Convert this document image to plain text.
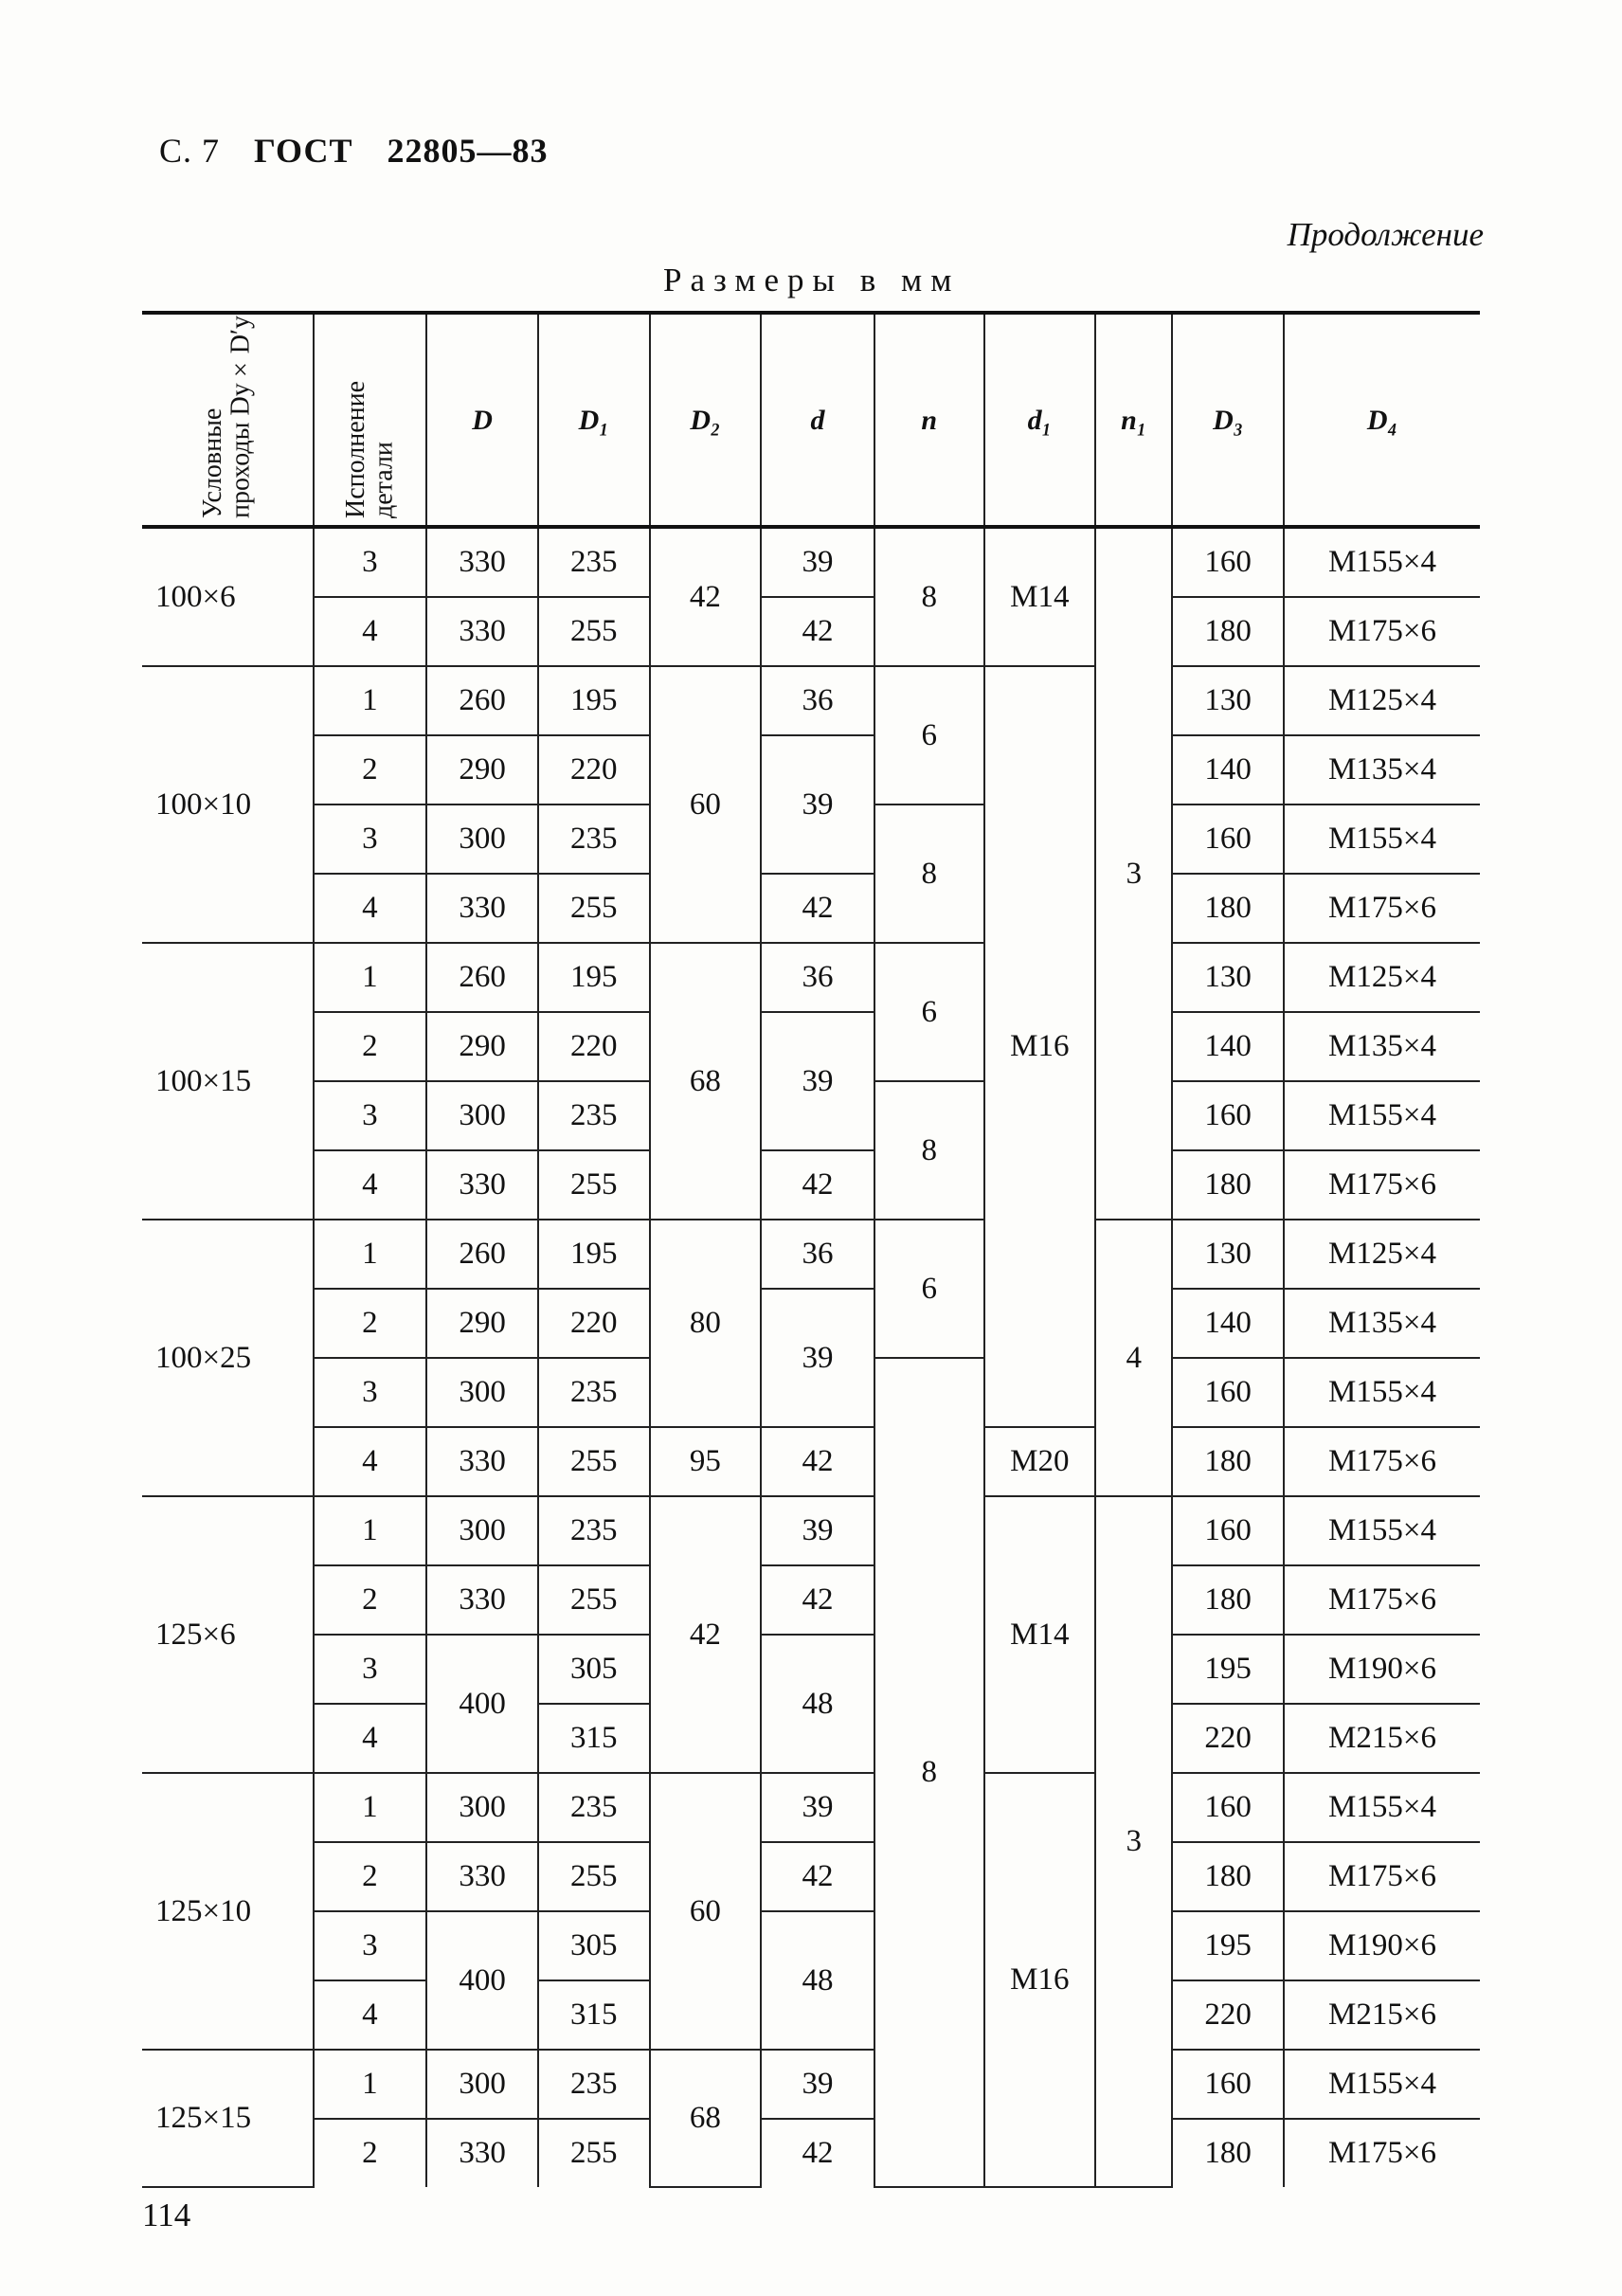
С. 7 ГОСТ 22805—83
Продолжение
Размеры в мм
Условные проходы Dу×D′у	Исполнение детали	D	D₁	D₂	d	n	d₁	n₁	D₃	D₄
100×6	3	330	235	42	39	8	M14	3	160	M155×4
	4	330	255		42				180	M175×6
100×10	1	260	195	60	36	6	M16		130	M125×4
	2	290	220		39				140	M135×4
	3	300	235			8			160	M155×4
	4	330	255		42				180	M175×6
100×15	1	260	195	68	36	6			130	M125×4
	2	290	220		39				140	M135×4
	3	300	235			8			160	M155×4
	4	330	255		42				180	M175×6
100×25	1	260	195	80	36	6		4	130	M125×4
	2	290	220		39				140	M135×4
	3	300	235			8			160	M155×4
	4	330	255	95	42		M20		180	M175×6
125×6	1	300	235	42	39		M14	3	160	M155×4
	2	330	255		42				180	M175×6
	3	400	305		48				195	M190×6
	4		315						220	M215×6
125×10	1	300	235	60	39		M16		160	M155×4
	2	330	255		42				180	M175×6
	3	400	305		48				195	M190×6
	4		315						220	M215×6
125×15	1	300	235	68	39				160	M155×4
	2	330	255		42				180	M175×6
114
